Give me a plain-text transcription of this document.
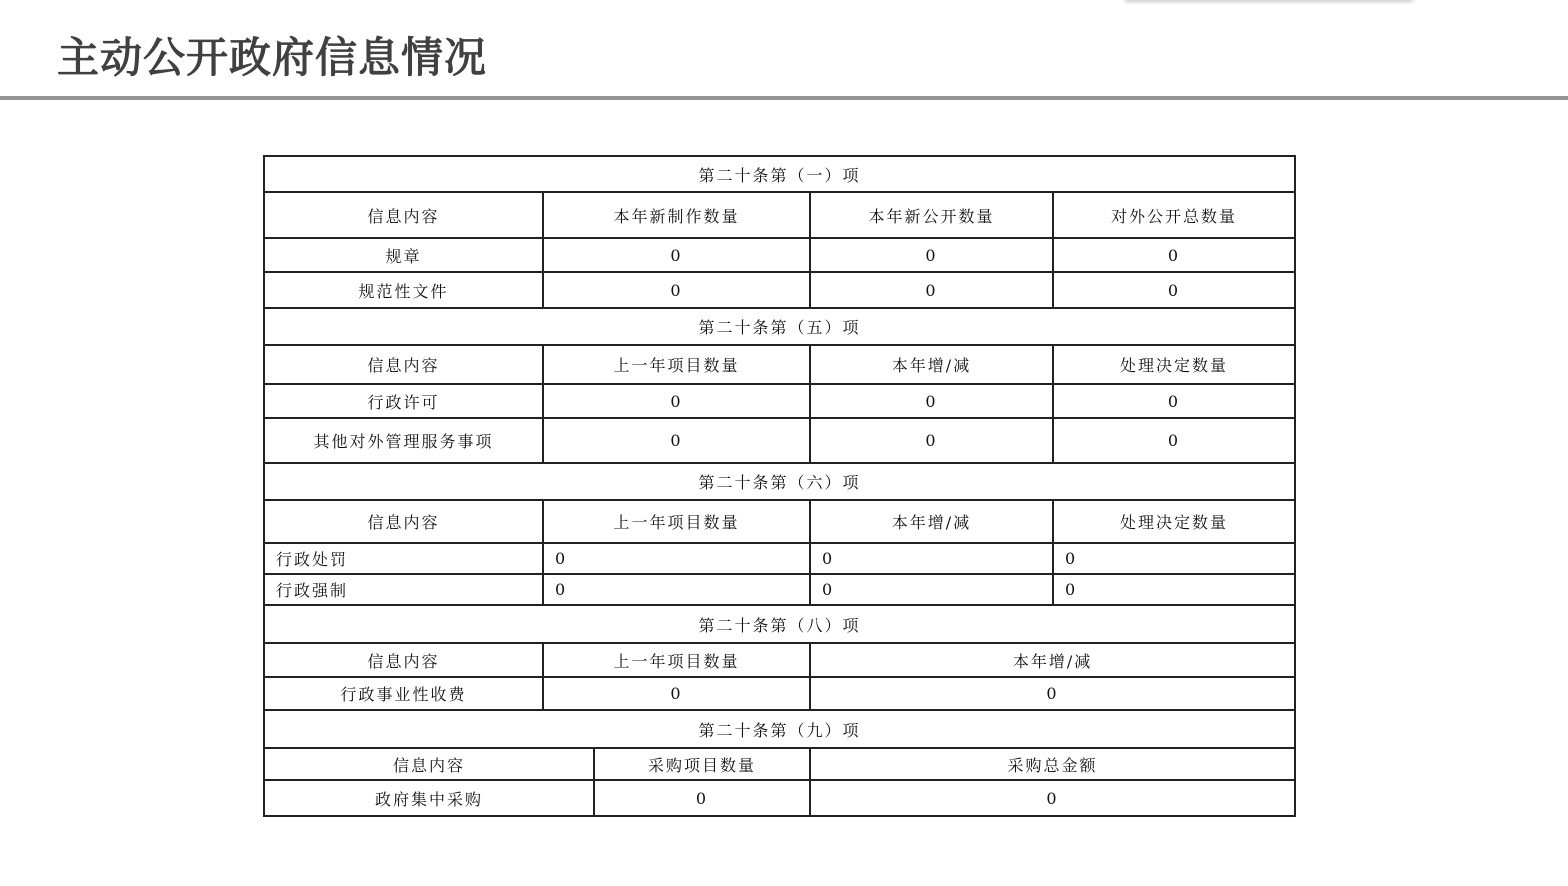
主动公开政府信息情况
第二十条第（一）项				
信息内容	本年新制作数量		本年新公开数量	对外公开总数量
规章	0		0	0
规范性文件	0		0	0
第二十条第（五）项				
信息内容	上一年项目数量		本年增/减	处理决定数量
行政许可	0		0	0
其他对外管理服务事项	0		0	0
第二十条第（六）项				
信息内容	上一年项目数量		本年增/减	处理决定数量
行政处罚	0		0	0
行政强制	0		0	0
第二十条第（八）项				
信息内容	上一年项目数量		本年增/减	
行政事业性收费	0		0	
第二十条第（九）项				
信息内容		采购项目数量	采购总金额	
政府集中采购		0	0	
